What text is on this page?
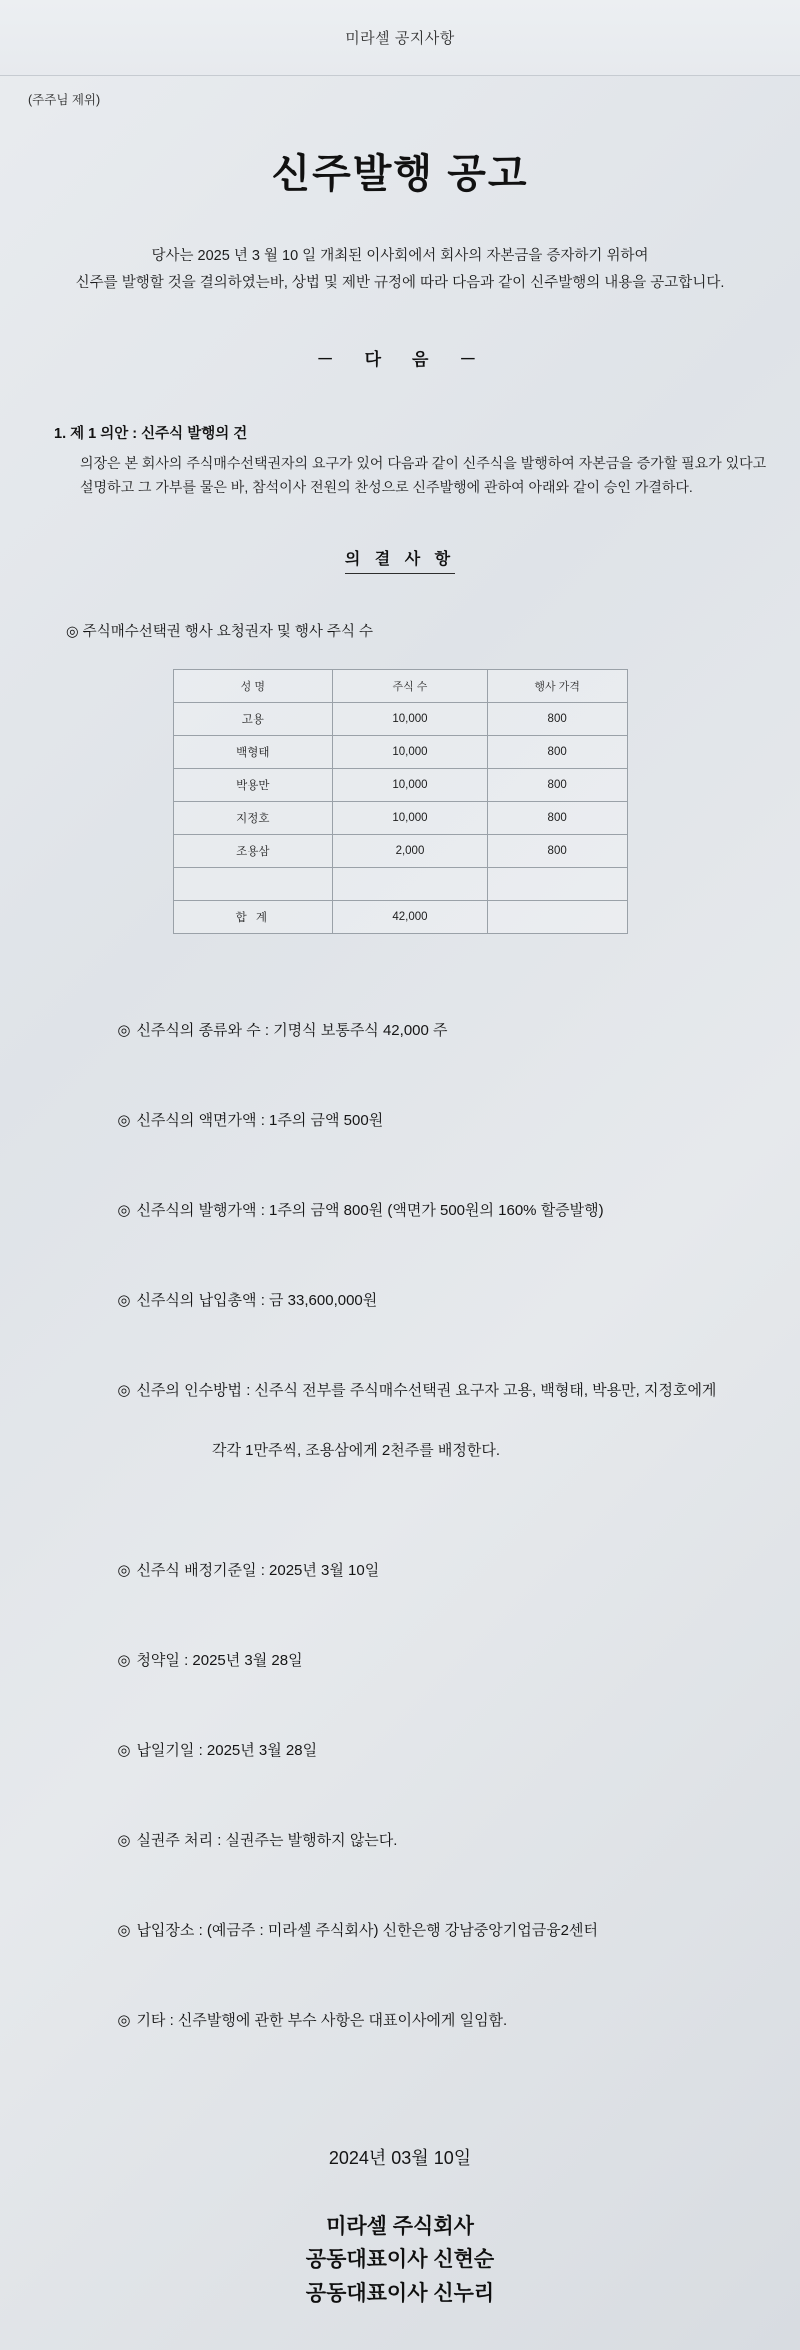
미라셀 공지사항

(주주님 제위)

신주발행 공고
당사는 2025 년 3 월 10 일 개최된 이사회에서 회사의 자본금을 증자하기 위하여
신주를 발행할 것을 결의하였는바, 상법 및 제반 규정에 따라 다음과 같이 신주발행의 내용을 공고합니다.
－　다　음　－
1. 제 1 의안 : 신주식 발행의 건
의장은 본 회사의 주식매수선택권자의 요구가 있어 다음과 같이 신주식을 발행하여 자본금을 증가할 필요가 있다고 설명하고 그 가부를 물은 바, 참석이사 전원의 찬성으로 신주발행에 관하여 아래와 같이 승인 가결하다.
의 결 사 항
◎ 주식매수선택권 행사 요청권자 및 행사 주식 수
성 명	주식 수	행사 가격
고용	10,000	800
백형태	10,000	800
박용만	10,000	800
지정호	10,000	800
조용삼	2,000	800

합 계	42,000	

◎ 신주식의 종류와 수 : 기명식 보통주식 42,000 주

◎ 신주식의 액면가액 : 1주의 금액 500원

◎ 신주식의 발행가액 : 1주의 금액 800원 (액면가 500원의 160% 할증발행)

◎ 신주식의 납입총액 : 금 33,600,000원

◎ 신주의 인수방법 : 신주식 전부를 주식매수선택권 요구자 고용, 백형태, 박용만, 지정호에게

각각 1만주씩, 조용삼에게 2천주를 배정한다.

◎ 신주식 배정기준일 : 2025년 3월 10일

◎ 청약일 : 2025년 3월 28일

◎ 납일기일 : 2025년 3월 28일

◎ 실권주 처리 : 실권주는 발행하지 않는다.

◎ 납입장소 : (예금주 : 미라셀 주식회사) 신한은행 강남중앙기업금융2센터

◎ 기타 : 신주발행에 관한 부수 사항은 대표이사에게 일임함.

2024년 03월 10일
미라셀 주식회사
공동대표이사 신현순
공동대표이사 신누리
